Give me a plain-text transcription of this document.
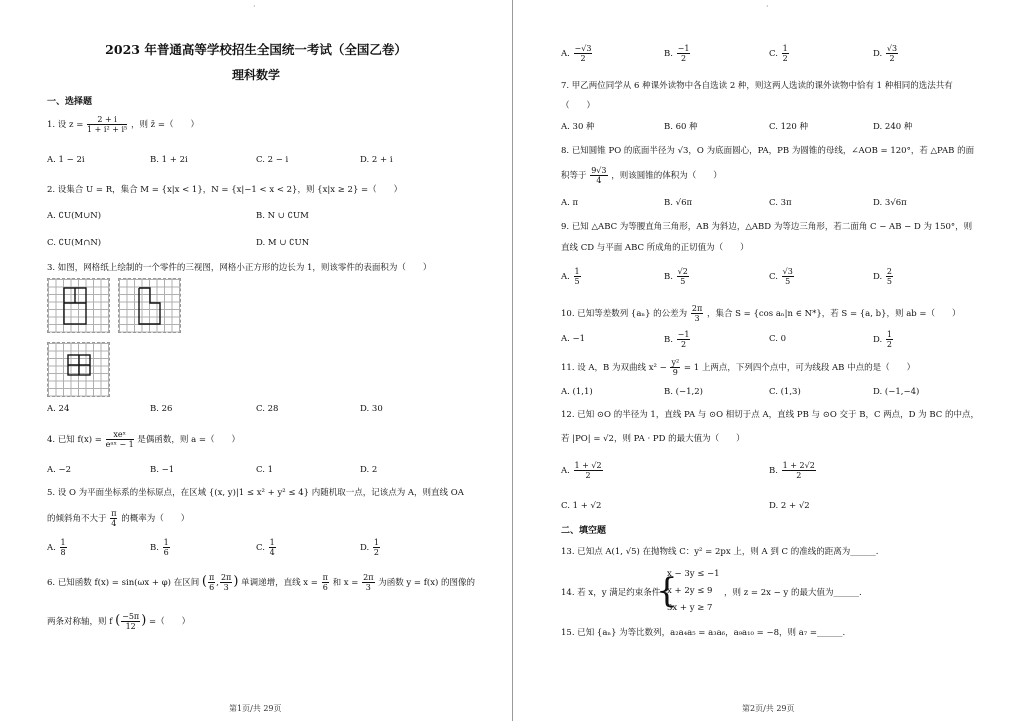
·
2023 年普通高等学校招生全国统一考试（全国乙卷）
理科数学
一、选择题
1. 设 $z = \frac{2 + i}{\text{1 + i² + i⁵}}$ ，则 z̄ =（　　）
A. 1 − 2i	B. 1 + 2i	C. 2 − i	D. 2 + i
2. 设集合 U = R，集合 M = {x|x < 1}，N = {x|−1 < x < 2}，则 {x|x ≥ 2} =（　　）
A. ∁U(M∪N)	B. N ∪ ∁UM
C. ∁U(M∩N)	D. M ∪ ∁UN
3. 如图，网格纸上绘制的一个零件的三视图，网格小正方形的边长为 1，则该零件的表面积为（　　）
A. 24	B. 26	C. 28	D. 30
4. 已知 $f(x) = \frac{\text{xeˣ}}{\text{eᵃˣ − 1}}$ 是偶函数，则 a =（　　）
A. −2	B. −1	C. 1	D. 2
5. 设 O 为平面坐标系的坐标原点，在区域 {(x, y)|1 ≤ x² + y² ≤ 4} 内随机取一点，记该点为 A，则直线 OA
的倾斜角不大于 $\frac{\pi}{4}$ 的概率为（　　）
A. $\frac{1}{8}$	B. $\frac{1}{6}$	C. $\frac{1}{4}$	D. $\frac{1}{2}$
6. 已知函数 f(x) = sin(ωx + φ) 在区间 ( $\frac{\pi}{6}$ , $\frac{2\pi}{3}$ ) 单调递增，直线 $x = \frac{\pi}{6}$ 和 $x = \frac{2\pi}{3}$ 为函数 y = f(x) 的图像的
两条对称轴，则 f ( $\frac{-5\pi}{12}$ ) =（　　）
第1页/共 29页
·
A. $\frac{-√3}{2}$	B. $\frac{-1}{2}$	C. $\frac{1}{2}$	D. $\frac{√3}{2}$
7. 甲乙两位同学从 6 种课外读物中各自选读 2 种，则这两人选读的课外读物中恰有 1 种相同的选法共有
（　　）
A. 30 种	B. 60 种	C. 120 种	D. 240 种
8. 已知圆锥 PO 的底面半径为 √3，O 为底面圆心，PA，PB 为圆锥的母线，∠AOB = 120°，若 △PAB 的面
积等于 $\frac{9√3}{4}$ ，则该圆锥的体积为（　　）
A. π	B. √6π	C. 3π	D. 3√6π
9. 已知 △ABC 为等腰直角三角形，AB 为斜边，△ABD 为等边三角形，若二面角 C − AB − D 为 150°，则
直线 CD 与平面 ABC 所成角的正切值为（　　）
A. $\frac{1}{5}$	B. $\frac{√2}{5}$	C. $\frac{√3}{5}$	D. $\frac{2}{5}$
10. 已知等差数列 {aₙ} 的公差为 $\frac{2\pi}{3}$ ，集合 S = {cos aₙ|n ∈ N*}，若 S = {a, b}，则 ab =（　　）
A. −1	B. $\frac{-1}{2}$	C. 0	D. $\frac{1}{2}$
11. 设 A，B 为双曲线 $x^2 - \frac{\text{y²}}{9} = 1$ 上两点，下列四个点中，可为线段 AB 中点的是（　　）
A. (1,1)	B. (−1,2)	C. (1,3)	D. (−1,−4)
12. 已知 ⊙O 的半径为 1，直线 PA 与 ⊙O 相切于点 A，直线 PB 与 ⊙O 交于 B，C 两点，D 为 BC 的中点，
若 |PO| = √2，则 PA · PD 的最大值为（　　）
A. $\frac{1 + √2}{2}$	B. $\frac{1 + 2√2}{2}$
C. 1 + √2	D. 2 + √2
二、填空题
13. 已知点 A(1, √5) 在抛物线 C：y² = 2px 上，则 A 到 C 的准线的距离为______.
14. 若 x，y 满足约束条件
{
x − 3y ≤ −1
x + 2y ≤ 9
3x + y ≥ 7
，则 z = 2x − y 的最大值为______.
15. 已知 {aₙ} 为等比数列，a₂a₄a₅ = a₃a₆，a₉a₁₀ = −8，则 a₇ =______.
第2页/共 29页
